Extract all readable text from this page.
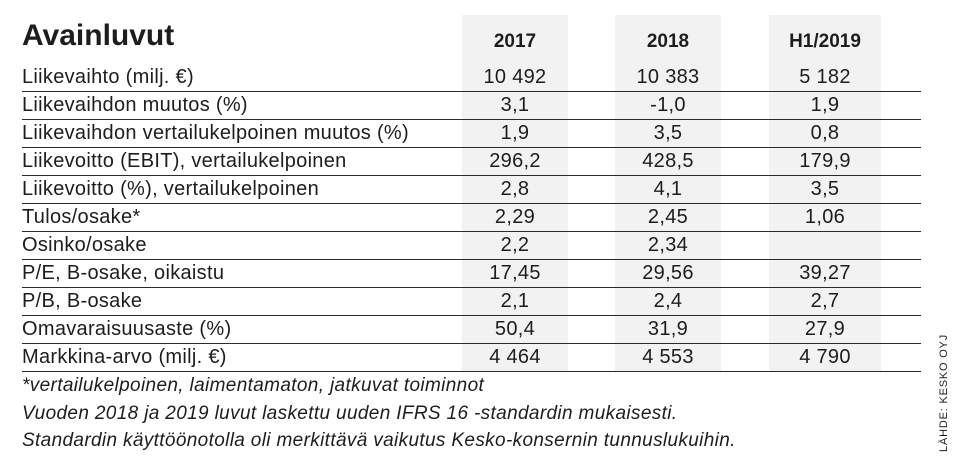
Avainluvut	2017	2018	H1/2019
Liikevaihto (milj. €)	10 492	10 383	5 182
Liikevaihdon muutos (%)	3,1	-1,0	1,9
Liikevaihdon vertailukelpoinen muutos (%)	1,9	3,5	0,8
Liikevoitto (EBIT), vertailukelpoinen	296,2	428,5	179,9
Liikevoitto (%), vertailukelpoinen	2,8	4,1	3,5
Tulos/osake*	2,29	2,45	1,06
Osinko/osake	2,2	2,34
P/E, B-osake, oikaistu	17,45	29,56	39,27
P/B, B-osake	2,1	2,4	2,7
Omavaraisuusaste (%)	50,4	31,9	27,9
Markkina-arvo (milj. €)	4 464	4 553	4 790
*vertailukelpoinen, laimentamaton, jatkuvat toiminnot
Vuoden 2018 ja 2019 luvut laskettu uuden IFRS 16 -standardin mukaisesti.
Standardin käyttöönotolla oli merkittävä vaikutus Kesko-konsernin tunnuslukuihin.	LÄHDE: KESKO OYJ
